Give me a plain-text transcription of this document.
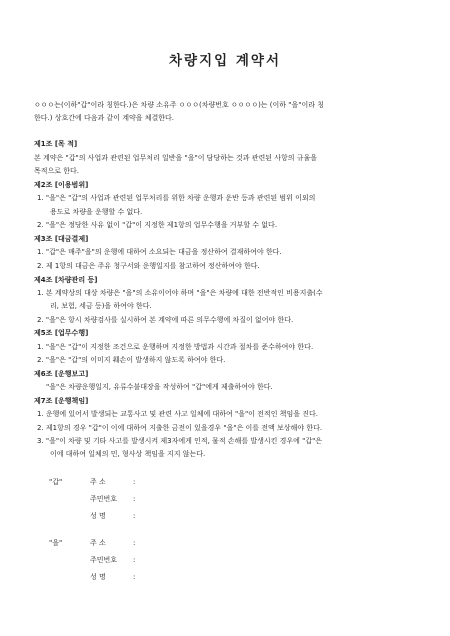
차량지입 계약서
ㅇㅇㅇ는(이하"갑"이라 칭한다.)은 차량 소유주 ㅇㅇㅇ(차량번호 ㅇㅇㅇㅇ)는 (이하 "을"이라 칭
한다.) 상호간에 다음과 같이 계약을 체결한다.
제1조 [목 적]
본 계약은 "갑"의 사업과 관련된 업무처리 일반을 "을"이 담당하는 것과 관련된 사항의 규율을
목적으로 한다.
제2조 [이용범위]
1. "을"은 "갑"의 사업과 관련된 업무처리를 위한 차량 운행과 운반 등과 관련된 범위 이외의
용도로 차량을 운행할 수 없다.
2. "을"은 정당한 사유 없이 "갑"이 지정한 제1항의 업무수행을 거부할 수 없다.
제3조 [대금결제]
1. "갑"은 매주"을"의 운행에 대하여 소요되는 대금을 정산하여 결재하여야 한다.
2. 제 1항의 대금은 주유 청구서와 운행일지를 참고하여 정산하여야 한다.
제4조 [차량관리 등]
1. 본 계약상의 대상 차량은 "을"의 소유이어야 하며 "을"은 차량에 대한 전반적인 비용지출(수
리, 보험, 세금 등)을 하여야 한다.
2. "을"은 항시 차량검사를 실시하여 본 계약에 따른 의무수행에 차질이 없어야 한다.
제5조 [업무수행]
1. "을"은 "갑"이 지정한 조건으로 운행하며 지정한 방법과 시간과 절차를 준수하여야 한다.
2. "을"은 "갑"의 이미지 훼손이 발생하지 않도록 하여야 한다.
제6조 [운행보고]
"을"은 차량운행일지, 유류수불대장을 작성하여 "갑"에게 제출하여야 한다.
제7조 [운행책임]
1. 운행에 있어서 발생되는 교통사고 및 관련 사고 일체에 대하여 "을"이 전적인 책임을 진다.
2. 제1항의 경우 "갑"이 이에 대하여 지출한 금전이 있을경우 "을"은 이를 전액 보상해야 한다.
3. "을"이 차량 및 기타 사고를 발생시켜 제3자에게 인적, 물적 손해를 발생시킨 경우에 "갑"은
이에 대하여 일체의 민, 형사상 책임을 지지 않는다.
"갑"	주 소	:
주민번호 :
성 명	:
"을"	주 소	:
주민번호 :
성 명	:
